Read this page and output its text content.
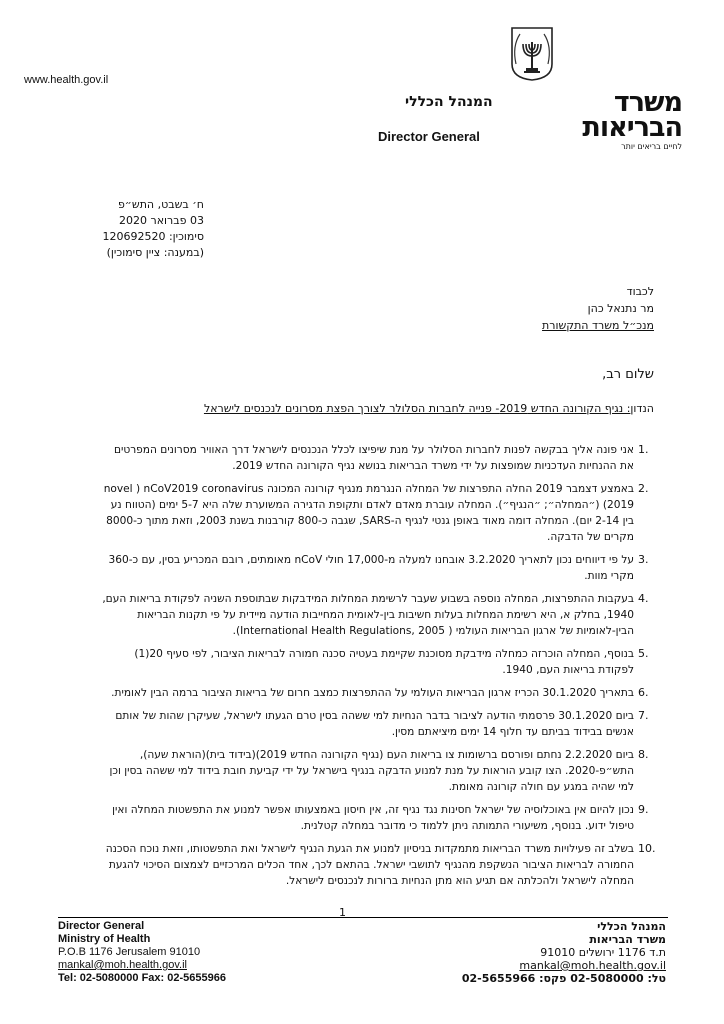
www.health.gov.il
משרד
הבריאות
לחיים בריאים יותר
המנהל הכללי
Director General
ח׳ בשבט, התש״פ
03 פברואר 2020
סימוכין: 120692520
(במענה: ציין סימוכין)
לכבוד
מר נתנאל כהן
מנכ״ל משרד התקשורת
שלום רב,
הנדון: נגיף הקורונה החדש 2019- פנייה לחברות הסלולר לצורך הפצת מסרונים לנכנסים לישראל
1.
אני פונה אליך בבקשה לפנות לחברות הסלולר על מנת שיפיצו לכלל הנכנסים לישראל דרך האוויר מסרונים המפרטים את ההנחיות העדכניות שמופצות על ידי משרד הבריאות בנושא נגיף הקורונה החדש 2019.
2.
באמצע דצמבר 2019 החלה התפרצות של המחלה הנגרמת מנגיף קורונה המכונה novel ) nCoV2019 coronavirus 2019) (״המחלה״; ״הנגיף״). המחלה עוברת מאדם לאדם ותקופת הדגירה המשוערת שלה היא 5-7 ימים (הטווח נע בין 2-14 יום). המחלה דומה מאוד באופן גנטי לנגיף ה-SARS, שגבה כ-800 קורבנות בשנת 2003, וזאת מתוך כ-8000 מקרים של הדבקה.
3.
על פי דיווחים נכון לתאריך 3.2.2020 אובחנו למעלה מ-17,000 חולי nCoV מאומתים, רובם המכריע בסין, עם כ-360 מקרי מוות.
4.
בעקבות ההתפרצות, המחלה נוספה בשבוע שעבר לרשימת המחלות המידבקות שבתוספת השניה לפקודת בריאות העם, 1940, בחלק א, היא רשימת המחלות בעלות חשיבות בין-לאומית המחייבות הודעה מיידית על פי תקנות הבריאות הבין-לאומיות של ארגון הבריאות העולמי ( International Health Regulations, 2005).
5.
בנוסף, המחלה הוכרזה כמחלה מידבקת מסוכנת שקיימת בעטיה סכנה חמורה לבריאות הציבור, לפי סעיף 20(1) לפקודת בריאות העם, 1940.
6.
בתאריך 30.1.2020 הכריז ארגון הבריאות העולמי על ההתפרצות כמצב חרום של בריאות הציבור ברמה הבין לאומית.
7.
ביום 30.1.2020 פרסמתי הודעה לציבור בדבר הנחיות למי ששהה בסין טרם הגעתו לישראל, שעיקרן שהות של אותם אנשים בבידוד בביתם עד חלוף 14 ימים מיציאתם מסין.
8.
ביום 2.2.2020 נחתם ופורסם ברשומות צו בריאות העם (נגיף הקורונה החדש 2019)(בידוד בית)(הוראת שעה), התש״פ-2020. הצו קובע הוראות על מנת למנוע הדבקה בנגיף בישראל על ידי קביעת חובת בידוד למי ששהה בסין וכן למי שהיה במגע עם חולה קורונה מאומת.
9.
נכון להיום אין באוכלוסיה של ישראל חסינות נגד נגיף זה, אין חיסון באמצעותו אפשר למנוע את התפשטות המחלה ואין טיפול ידוע. בנוסף, משיעורי התמותה ניתן ללמוד כי מדובר במחלה קטלנית.
10.
בשלב זה פעילויות משרד הבריאות מתמקדות בניסיון למנוע את הגעת הנגיף לישראל ואת התפשטותו, וזאת נוכח הסכנה החמורה לבריאות הציבור הנשקפת מהנגיף לתושבי ישראל. בהתאם לכך, אחד הכלים המרכזיים לצמצום הסיכוי להגעת המחלה לישראל ולהכלתה אם תגיע הוא מתן הנחיות ברורות לנכנסים לישראל.
1
Director General
Ministry of Health
P.O.B 1176 Jerusalem 91010
mankal@moh.health.gov.il
Tel: 02-5080000 Fax: 02-5655966
המנהל הכללי
משרד הבריאות
ת.ד 1176 ירושלים 91010
mankal@moh.health.gov.il
טל: 02-5080000 פקס: 02-5655966
